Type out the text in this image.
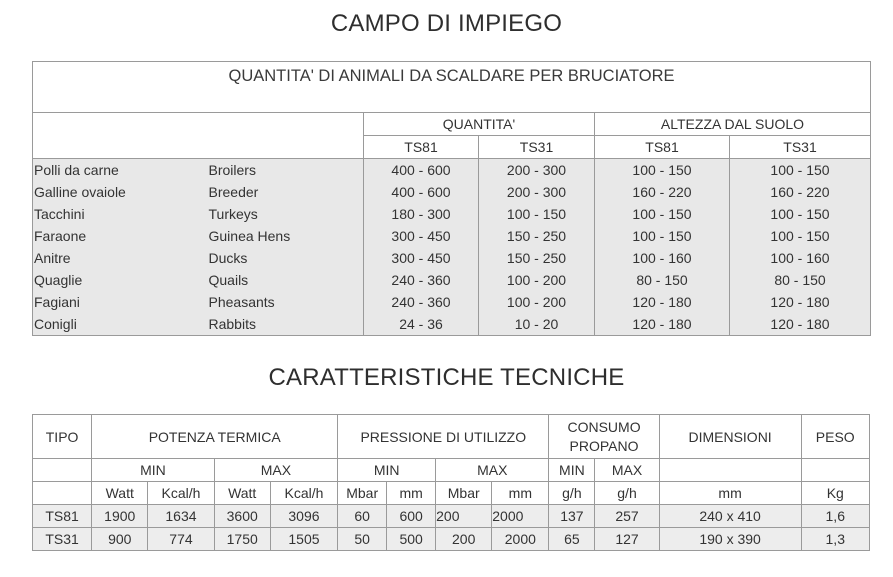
CAMPO DI IMPIEGO
QUANTITA' DI ANIMALI DA SCALDARE PER BRUCIATORE					
		QUANTITA'		ALTEZZA DAL SUOLO	
		TS81	TS31	TS81	TS31
Polli da carne	Broilers	400 - 600	200 - 300	100 - 150	100 - 150
Galline ovaiole	Breeder	400 - 600	200 - 300	160 - 220	160 - 220
Tacchini	Turkeys	180 - 300	100 - 150	100 - 150	100 - 150
Faraone	Guinea Hens	300 - 450	150 - 250	100 - 150	100 - 150
Anitre	Ducks	300 - 450	150 - 250	100 - 160	100 - 160
Quaglie	Quails	240 - 360	100 - 200	80 - 150	80 - 150
Fagiani	Pheasants	240 - 360	100 - 200	120 - 180	120 - 180
Conigli	Rabbits	24 - 36	10 - 20	120 - 180	120 - 180
CARATTERISTICHE TECNICHE
TIPO	POTENZA TERMICA				PRESSIONE DI UTILIZZO				CONSUMO PROPANO		DIMENSIONI	PESO
	MIN		MAX		MIN		MAX		MIN	MAX		
	Watt	Kcal/h	Watt	Kcal/h	Mbar	mm	Mbar	mm	g/h	g/h	mm	Kg
TS81	1900	1634	3600	3096	60	600	200	2000	137	257	240 x 410	1,6
TS31	900	774	1750	1505	50	500	200	2000	65	127	190 x 390	1,3
